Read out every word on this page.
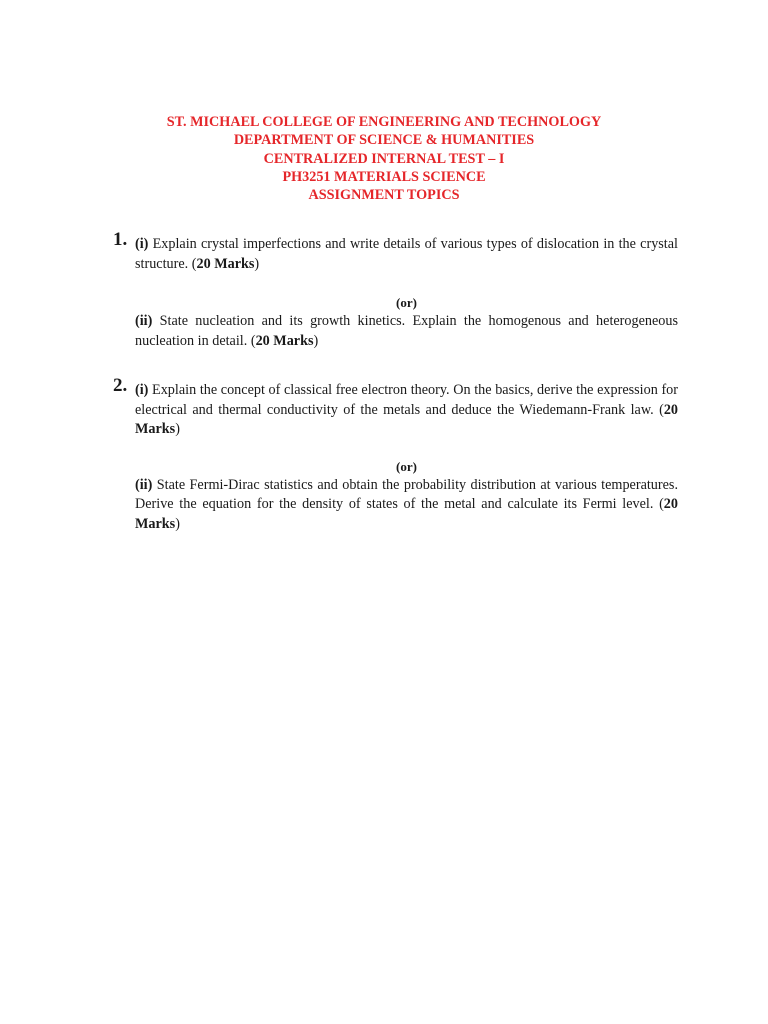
ST. MICHAEL COLLEGE OF ENGINEERING AND TECHNOLOGY
DEPARTMENT OF SCIENCE & HUMANITIES
CENTRALIZED INTERNAL TEST – I
PH3251 MATERIALS SCIENCE
ASSIGNMENT TOPICS
1. (i) Explain crystal imperfections and write details of various types of dislocation in the crystal structure. (20 Marks)
(or)
(ii) State nucleation and its growth kinetics. Explain the homogenous and heterogeneous nucleation in detail. (20 Marks)
2. (i) Explain the concept of classical free electron theory. On the basics, derive the expression for electrical and thermal conductivity of the metals and deduce the Wiedemann-Frank law. (20 Marks)
(or)
(ii) State Fermi-Dirac statistics and obtain the probability distribution at various temperatures. Derive the equation for the density of states of the metal and calculate its Fermi level. (20 Marks)
